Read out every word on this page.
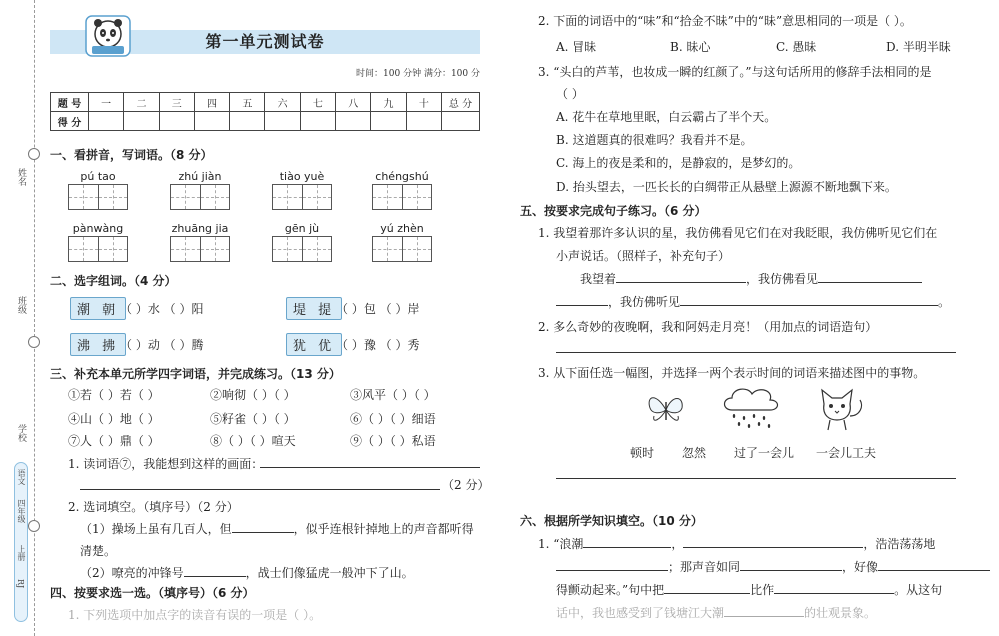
姓名
班级
学校
语文
四年级
上册
RJ
第一单元测试卷
时间：100 分钟 满分：100 分
题 号	一	二	三	四	五	六	七	八	九	十	总 分
得 分											
一、看拼音，写词语。（8 分）
pú tao	zhú jiàn	tiào yuè	chéngshú
pànwàng	zhuāng jia	gēn jù	yú zhèn
二、选字组词。（4 分）
潮 朝 （ ）水 （ ）阳	堤 提 （ ）包 （ ）岸
沸 拂 （ ）动 （ ）腾	犹 优 （ ）豫 （ ）秀
三、补充本单元所学四字词语，并完成练习。（13 分）
①若（ ）若（ ）	②响彻（ ）（ ）	③风平（ ）（ ）
④山（ ）地（ ）	⑤籽雀（ ）（ ）	⑥（ ）（ ）细语
⑦人（ ）鼎（ ）	⑧（ ）（ ）喧天	⑨（ ）（ ）私语
1. 读词语⑦，我能想到这样的画面：
（2 分）
2. 选词填空。（填序号）（2 分）
（1）操场上虽有几百人，但	，似乎连根针掉地上的声音都听得
清楚。
（2）嘹亮的冲锋号	，战士们像猛虎一般冲下了山。
四、按要求选一选。（填序号）（6 分）
1. 下列选项中加点字的读音有误的一项是（ ）。
2. 下面的词语中的“味”和“拾金不昧”中的“昧”意思相同的一项是（ ）。
A. 冒昧	B. 昧心	C. 愚昧	D. 半明半昧
3. “头白的芦苇，也妆成一瞬的红颜了。”与这句话所用的修辞手法相同的是
（ ）
A. 花牛在草地里眠，白云霸占了半个天。
B. 这道题真的很难吗？我看并不是。
C. 海上的夜是柔和的，是静寂的，是梦幻的。
D. 抬头望去，一匹长长的白绸带正从悬壁上源源不断地飘下来。
五、按要求完成句子练习。（6 分）
1. 我望着那许多认识的星，我仿佛看见它们在对我眨眼，我仿佛听见它们在
小声说话。（照样子，补充句子）
我望着	，我仿佛看见
，我仿佛听见	。
2. 多么奇妙的夜晚啊，我和阿妈走月亮！（用加点的词语造句）
3. 从下面任选一幅图，并选择一两个表示时间的词语来描述图中的事物。
顿时 忽然 过了一会儿 一会儿工夫
六、根据所学知识填空。（10 分）
1. “浪潮	，	，浩浩荡荡地
；那声音如同	，好像
得颤动起来。”句中把	比作	。从这句
话中，我也感受到了钱塘江大潮	的壮观景象。
